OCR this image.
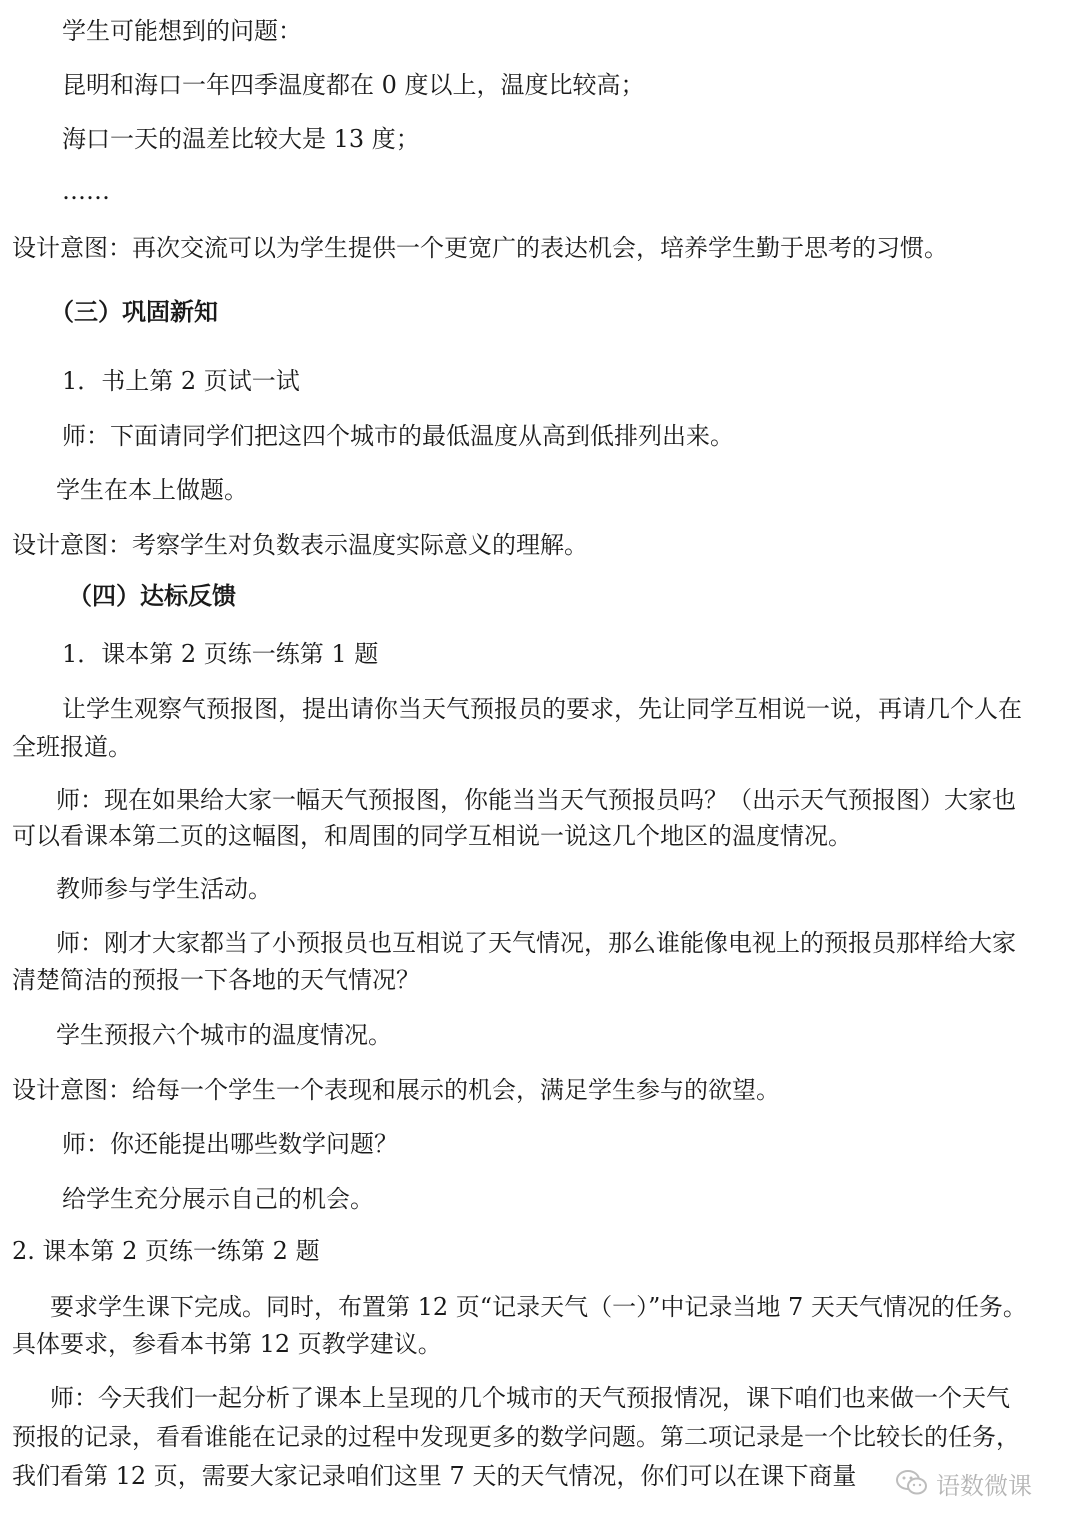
学生可能想到的问题：
昆明和海口一年四季温度都在 0 度以上，温度比较高；
海口一天的温差比较大是 13 度；
……
设计意图：再次交流可以为学生提供一个更宽广的表达机会，培养学生勤于思考的习惯。
（三）巩固新知
1．书上第 2 页试一试
师：下面请同学们把这四个城市的最低温度从高到低排列出来。
学生在本上做题。
设计意图：考察学生对负数表示温度实际意义的理解。
（四）达标反馈
1．课本第 2 页练一练第 1 题
让学生观察气预报图，提出请你当天气预报员的要求，先让同学互相说一说，再请几个人在
全班报道。
师：现在如果给大家一幅天气预报图，你能当当天气预报员吗？（出示天气预报图）大家也
可以看课本第二页的这幅图，和周围的同学互相说一说这几个地区的温度情况。
教师参与学生活动。
师：刚才大家都当了小预报员也互相说了天气情况，那么谁能像电视上的预报员那样给大家
清楚简洁的预报一下各地的天气情况？
学生预报六个城市的温度情况。
设计意图：给每一个学生一个表现和展示的机会，满足学生参与的欲望。
师：你还能提出哪些数学问题？
给学生充分展示自己的机会。
2. 课本第 2 页练一练第 2 题
要求学生课下完成。同时，布置第 12 页“记录天气（一）”中记录当地 7 天天气情况的任务。
具体要求，参看本书第 12 页教学建议。
师：今天我们一起分析了课本上呈现的几个城市的天气预报情况，课下咱们也来做一个天气
预报的记录，看看谁能在记录的过程中发现更多的数学问题。第二项记录是一个比较长的任务，
我们看第 12 页，需要大家记录咱们这里 7 天的天气情况，你们可以在课下商量	语数微课
